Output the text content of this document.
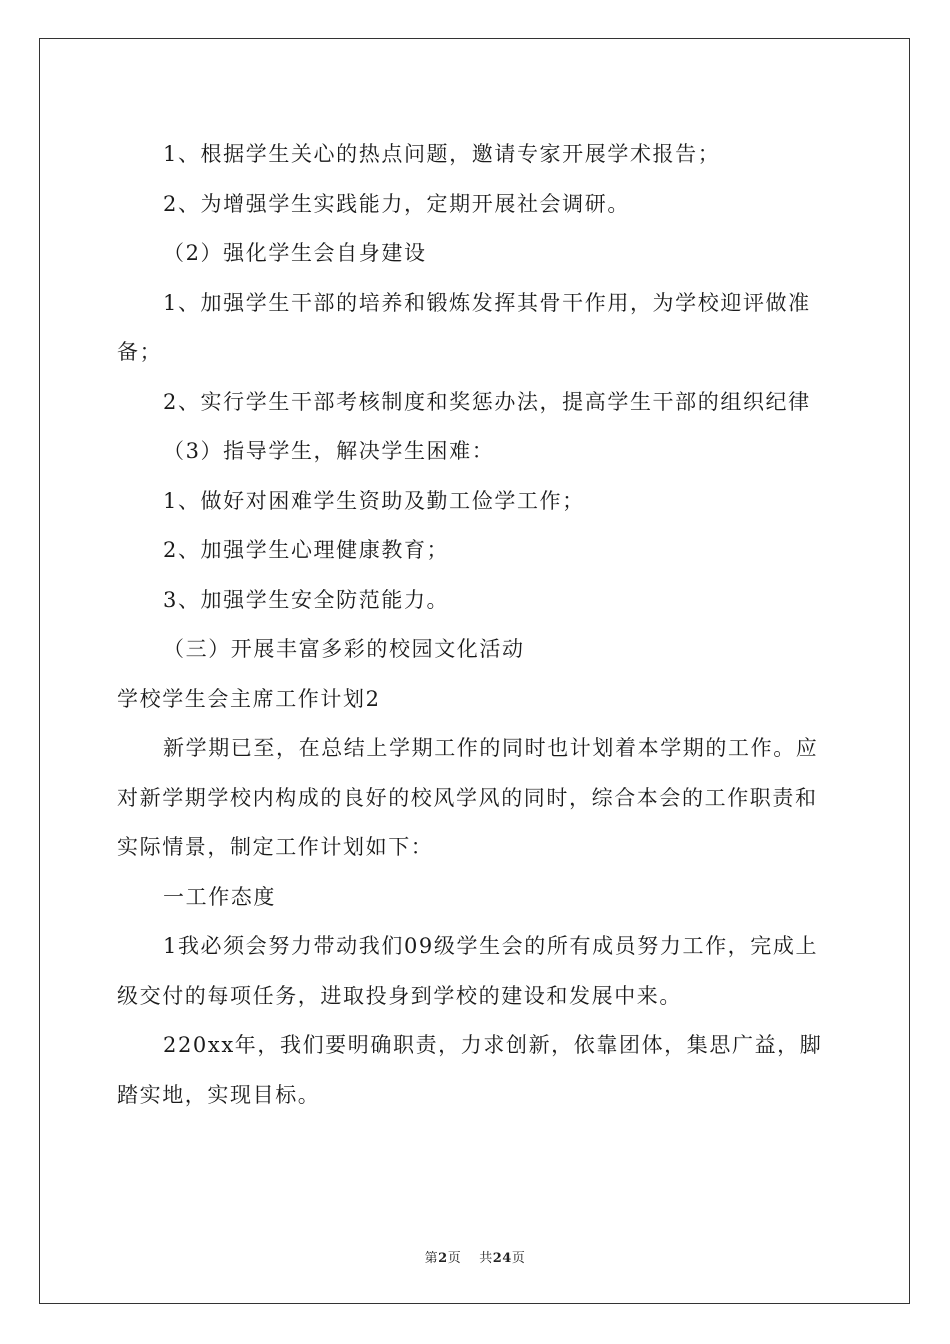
1、根据学生关心的热点问题，邀请专家开展学术报告；

2、为增强学生实践能力，定期开展社会调研。

（2）强化学生会自身建设

1、加强学生干部的培养和锻炼发挥其骨干作用，为学校迎评做准备；

2、实行学生干部考核制度和奖惩办法，提高学生干部的组织纪律

（3）指导学生，解决学生困难：

1、做好对困难学生资助及勤工俭学工作；

2、加强学生心理健康教育；

3、加强学生安全防范能力。

（三）开展丰富多彩的校园文化活动

学校学生会主席工作计划2

新学期已至，在总结上学期工作的同时也计划着本学期的工作。应对新学期学校内构成的良好的校风学风的同时，综合本会的工作职责和实际情景，制定工作计划如下：

一工作态度

1我必须会努力带动我们09级学生会的所有成员努力工作，完成上级交付的每项任务，进取投身到学校的建设和发展中来。

220xx年，我们要明确职责，力求创新，依靠团体，集思广益，脚踏实地，实现目标。

第2页 共24页
